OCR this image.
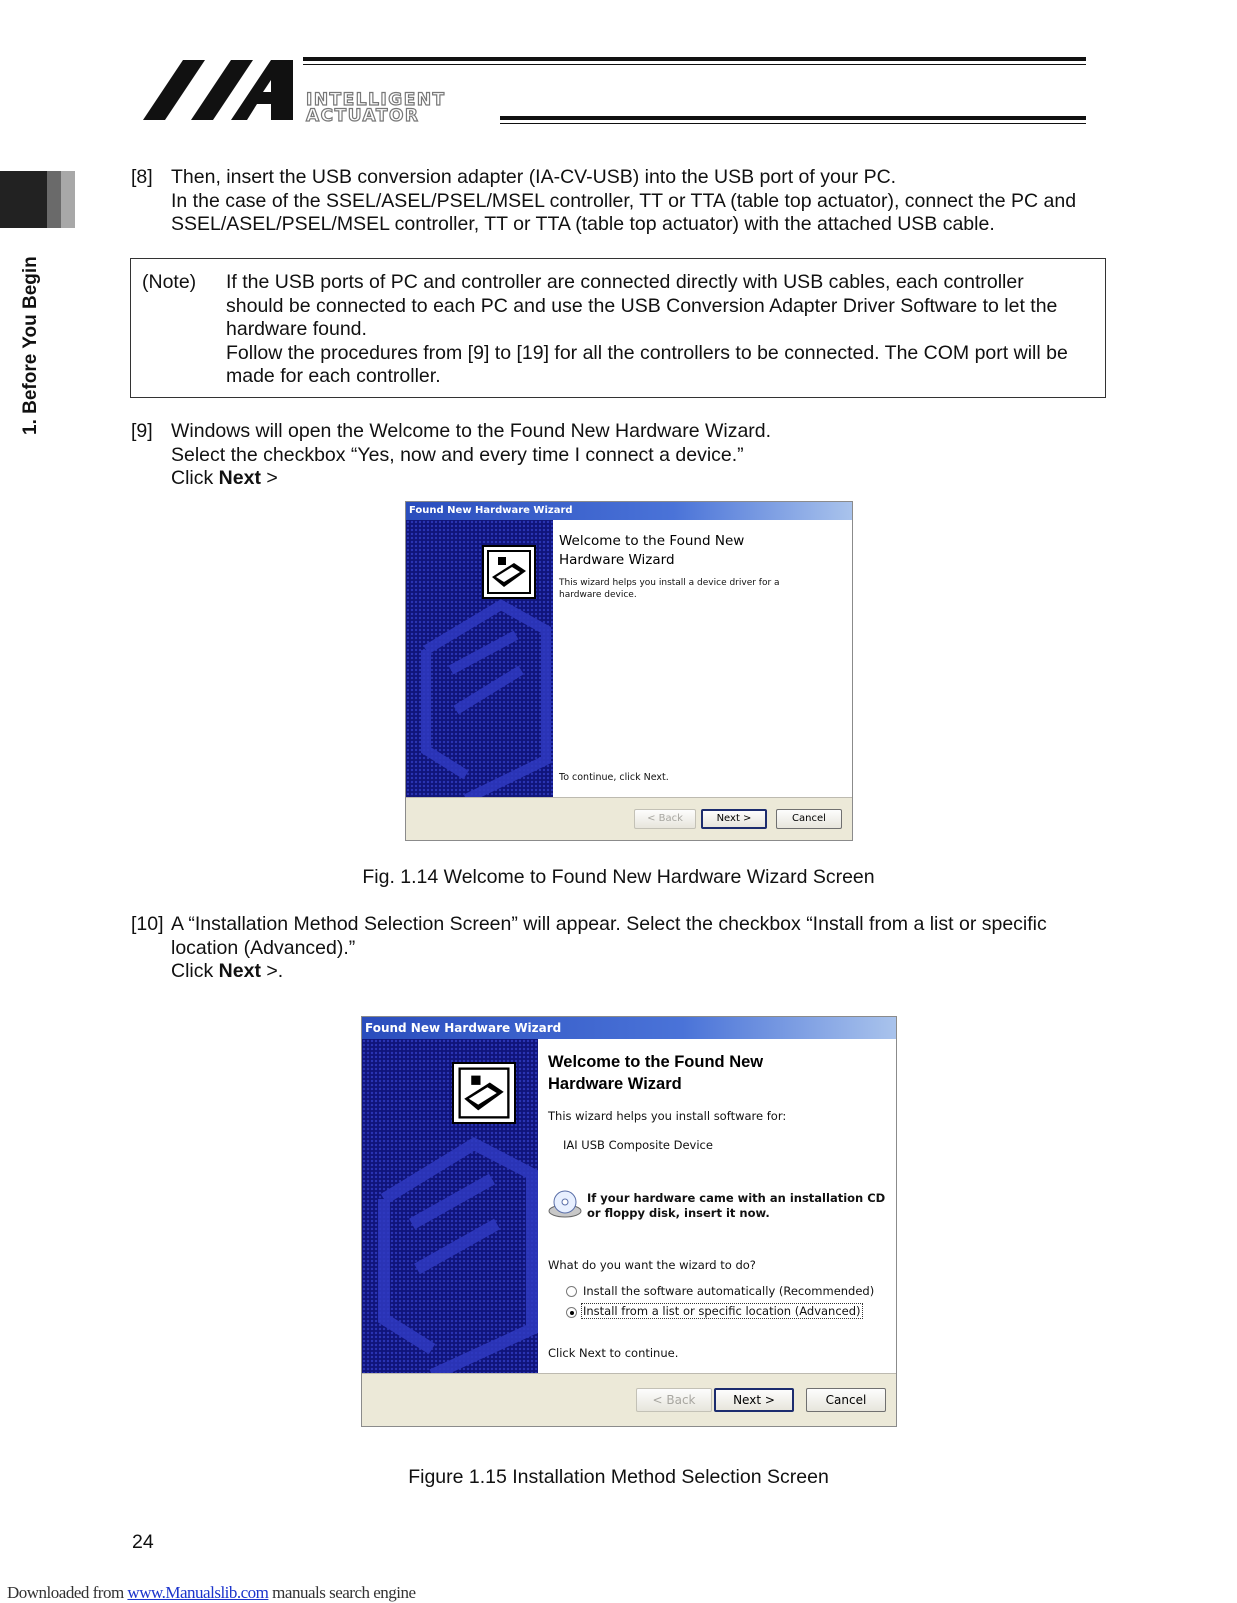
INTELLIGENT
ACTUATOR
1. Before You Begin
[8] Then, insert the USB conversion adapter (IA-CV-USB) into the USB port of your PC.
In the case of the SSEL/ASEL/PSEL/MSEL controller, TT or TTA (table top actuator), connect the PC and
SSEL/ASEL/PSEL/MSEL controller, TT or TTA (table top actuator) with the attached USB cable.
(Note) If the USB ports of PC and controller are connected directly with USB cables, each controller
should be connected to each PC and use the USB Conversion Adapter Driver Software to let the
hardware found.
Follow the procedures from [9] to [19] for all the controllers to be connected. The COM port will be
made for each controller.
[9] Windows will open the Welcome to the Found New Hardware Wizard.
Select the checkbox “Yes, now and every time I connect a device.”
Click Next >
Found New Hardware Wizard
Welcome to the Found New
Hardware Wizard
This wizard helps you install a device driver for a
hardware device.
To continue, click Next.
< Back	Next >	Cancel
Fig. 1.14 Welcome to Found New Hardware Wizard Screen
[10] A “Installation Method Selection Screen” will appear. Select the checkbox “Install from a list or specific
location (Advanced).”
Click Next >.
Found New Hardware Wizard
Welcome to the Found New
Hardware Wizard
This wizard helps you install software for:
IAI USB Composite Device
If your hardware came with an installation CD
or floppy disk, insert it now.
What do you want the wizard to do?
Install the software automatically (Recommended)
Install from a list or specific location (Advanced)
Click Next to continue.
< Back	Next >	Cancel
Figure 1.15 Installation Method Selection Screen
24
Downloaded from www.Manualslib.com manuals search engine
